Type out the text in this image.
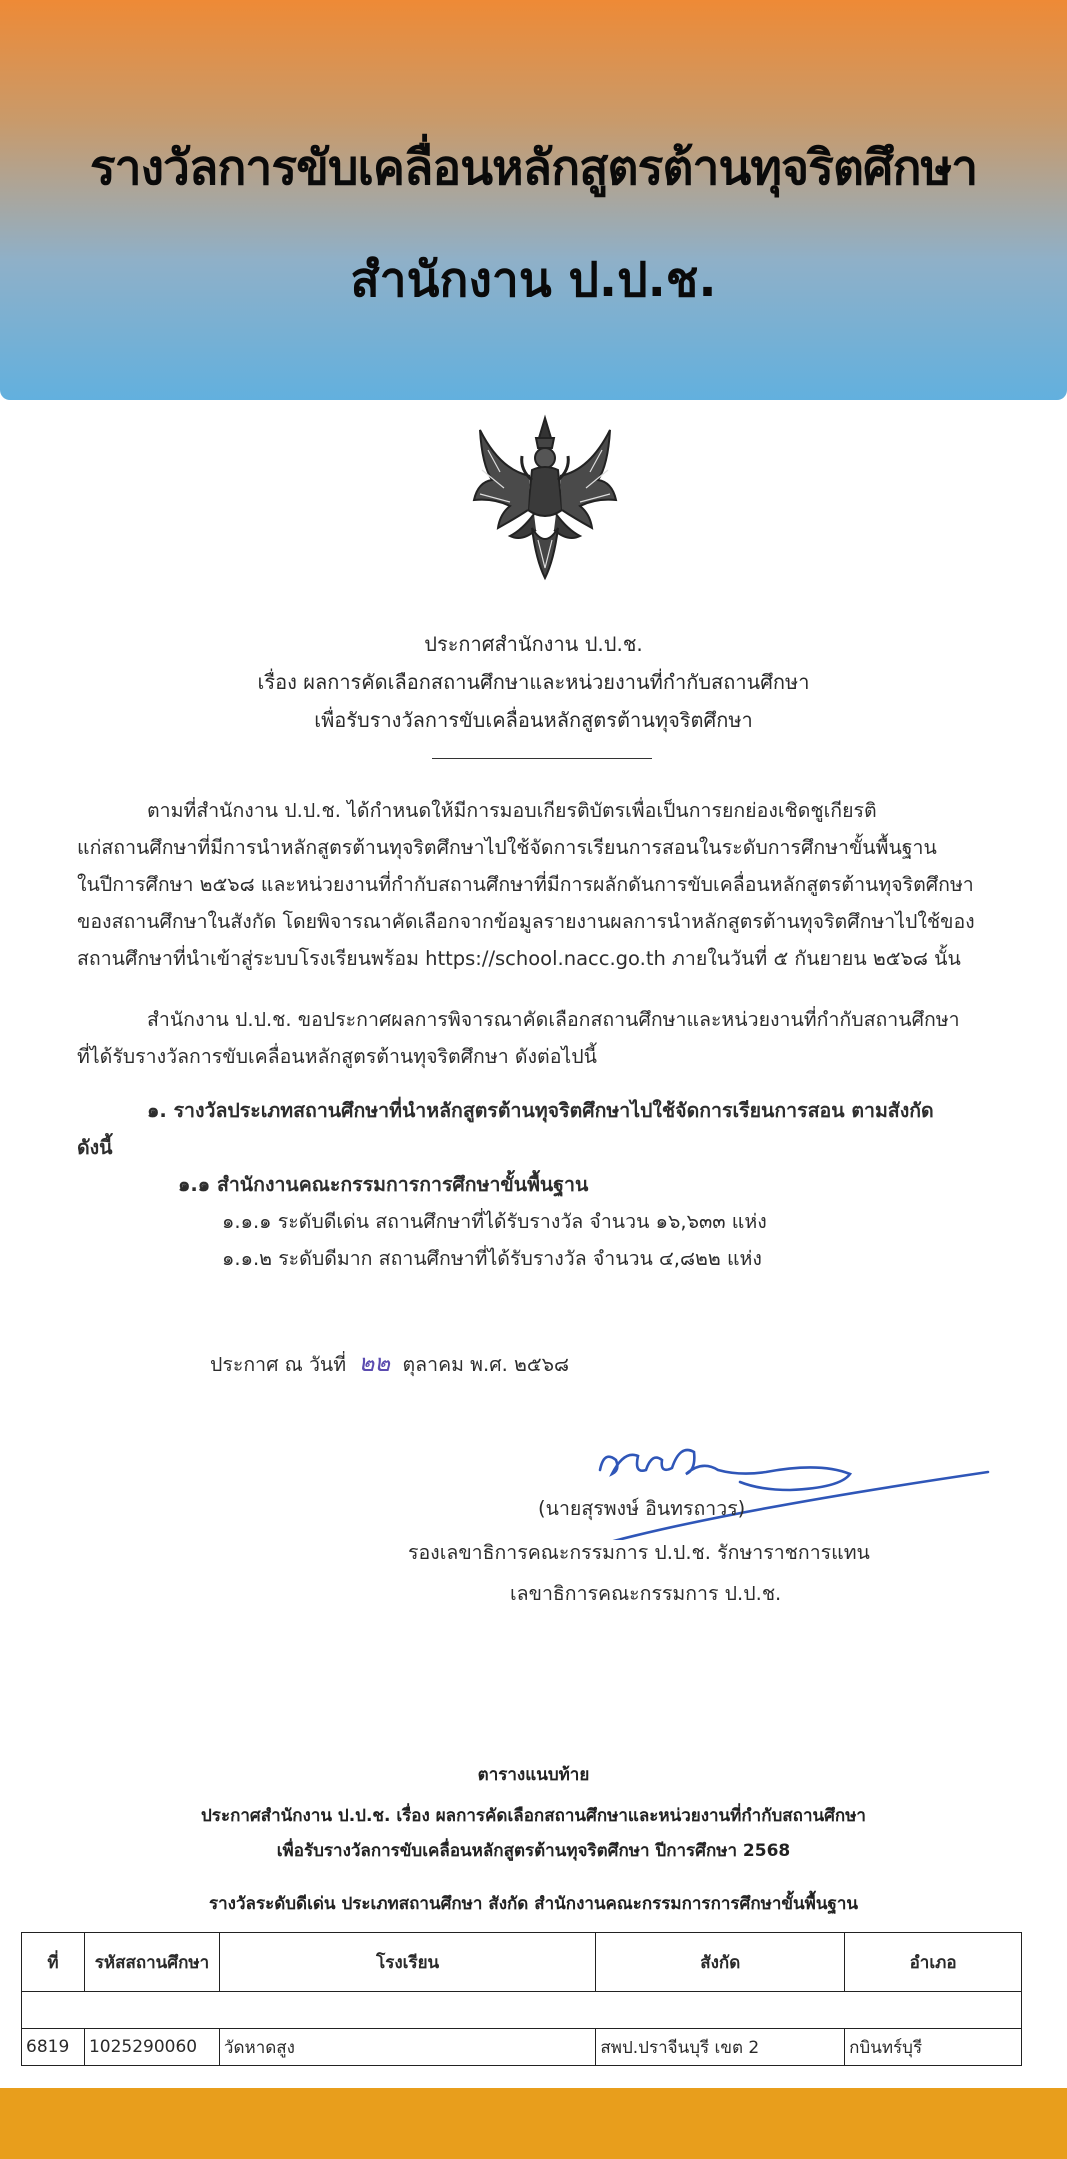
รางวัลการขับเคลื่อนหลักสูตรต้านทุจริตศึกษา
สำนักงาน ป.ป.ช.
ประกาศสำนักงาน ป.ป.ช.
เรื่อง ผลการคัดเลือกสถานศึกษาและหน่วยงานที่กำกับสถานศึกษา
เพื่อรับรางวัลการขับเคลื่อนหลักสูตรต้านทุจริตศึกษา
ตามที่สำนักงาน ป.ป.ช. ได้กำหนดให้มีการมอบเกียรติบัตรเพื่อเป็นการยกย่องเชิดชูเกียรติ
แก่สถานศึกษาที่มีการนำหลักสูตรต้านทุจริตศึกษาไปใช้จัดการเรียนการสอนในระดับการศึกษาขั้นพื้นฐาน
ในปีการศึกษา ๒๕๖๘ และหน่วยงานที่กำกับสถานศึกษาที่มีการผลักดันการขับเคลื่อนหลักสูตรต้านทุจริตศึกษา
ของสถานศึกษาในสังกัด โดยพิจารณาคัดเลือกจากข้อมูลรายงานผลการนำหลักสูตรต้านทุจริตศึกษาไปใช้ของ
สถานศึกษาที่นำเข้าสู่ระบบโรงเรียนพร้อม https://school.nacc.go.th ภายในวันที่ ๕ กันยายน ๒๕๖๘ นั้น
สำนักงาน ป.ป.ช. ขอประกาศผลการพิจารณาคัดเลือกสถานศึกษาและหน่วยงานที่กำกับสถานศึกษา
ที่ได้รับรางวัลการขับเคลื่อนหลักสูตรต้านทุจริตศึกษา ดังต่อไปนี้
๑. รางวัลประเภทสถานศึกษาที่นำหลักสูตรต้านทุจริตศึกษาไปใช้จัดการเรียนการสอน ตามสังกัด
ดังนี้
๑.๑ สำนักงานคณะกรรมการการศึกษาขั้นพื้นฐาน
๑.๑.๑ ระดับดีเด่น สถานศึกษาที่ได้รับรางวัล จำนวน ๑๖,๖๓๓ แห่ง
๑.๑.๒ ระดับดีมาก สถานศึกษาที่ได้รับรางวัล จำนวน ๔,๘๒๒ แห่ง
ประกาศ ณ วันที่ ๒๒ ตุลาคม พ.ศ. ๒๕๖๘
(นายสุรพงษ์ อินทรถาวร)
รองเลขาธิการคณะกรรมการ ป.ป.ช. รักษาราชการแทน
เลขาธิการคณะกรรมการ ป.ป.ช.
ตารางแนบท้าย
ประกาศสำนักงาน ป.ป.ช. เรื่อง ผลการคัดเลือกสถานศึกษาและหน่วยงานที่กำกับสถานศึกษา
เพื่อรับรางวัลการขับเคลื่อนหลักสูตรต้านทุจริตศึกษา ปีการศึกษา 2568
รางวัลระดับดีเด่น ประเภทสถานศึกษา สังกัด สำนักงานคณะกรรมการการศึกษาขั้นพื้นฐาน
ที่	รหัสสถานศึกษา	โรงเรียน	สังกัด	อำเภอ

6819	1025290060	วัดหาดสูง	สพป.ปราจีนบุรี เขต 2	กบินทร์บุรี
